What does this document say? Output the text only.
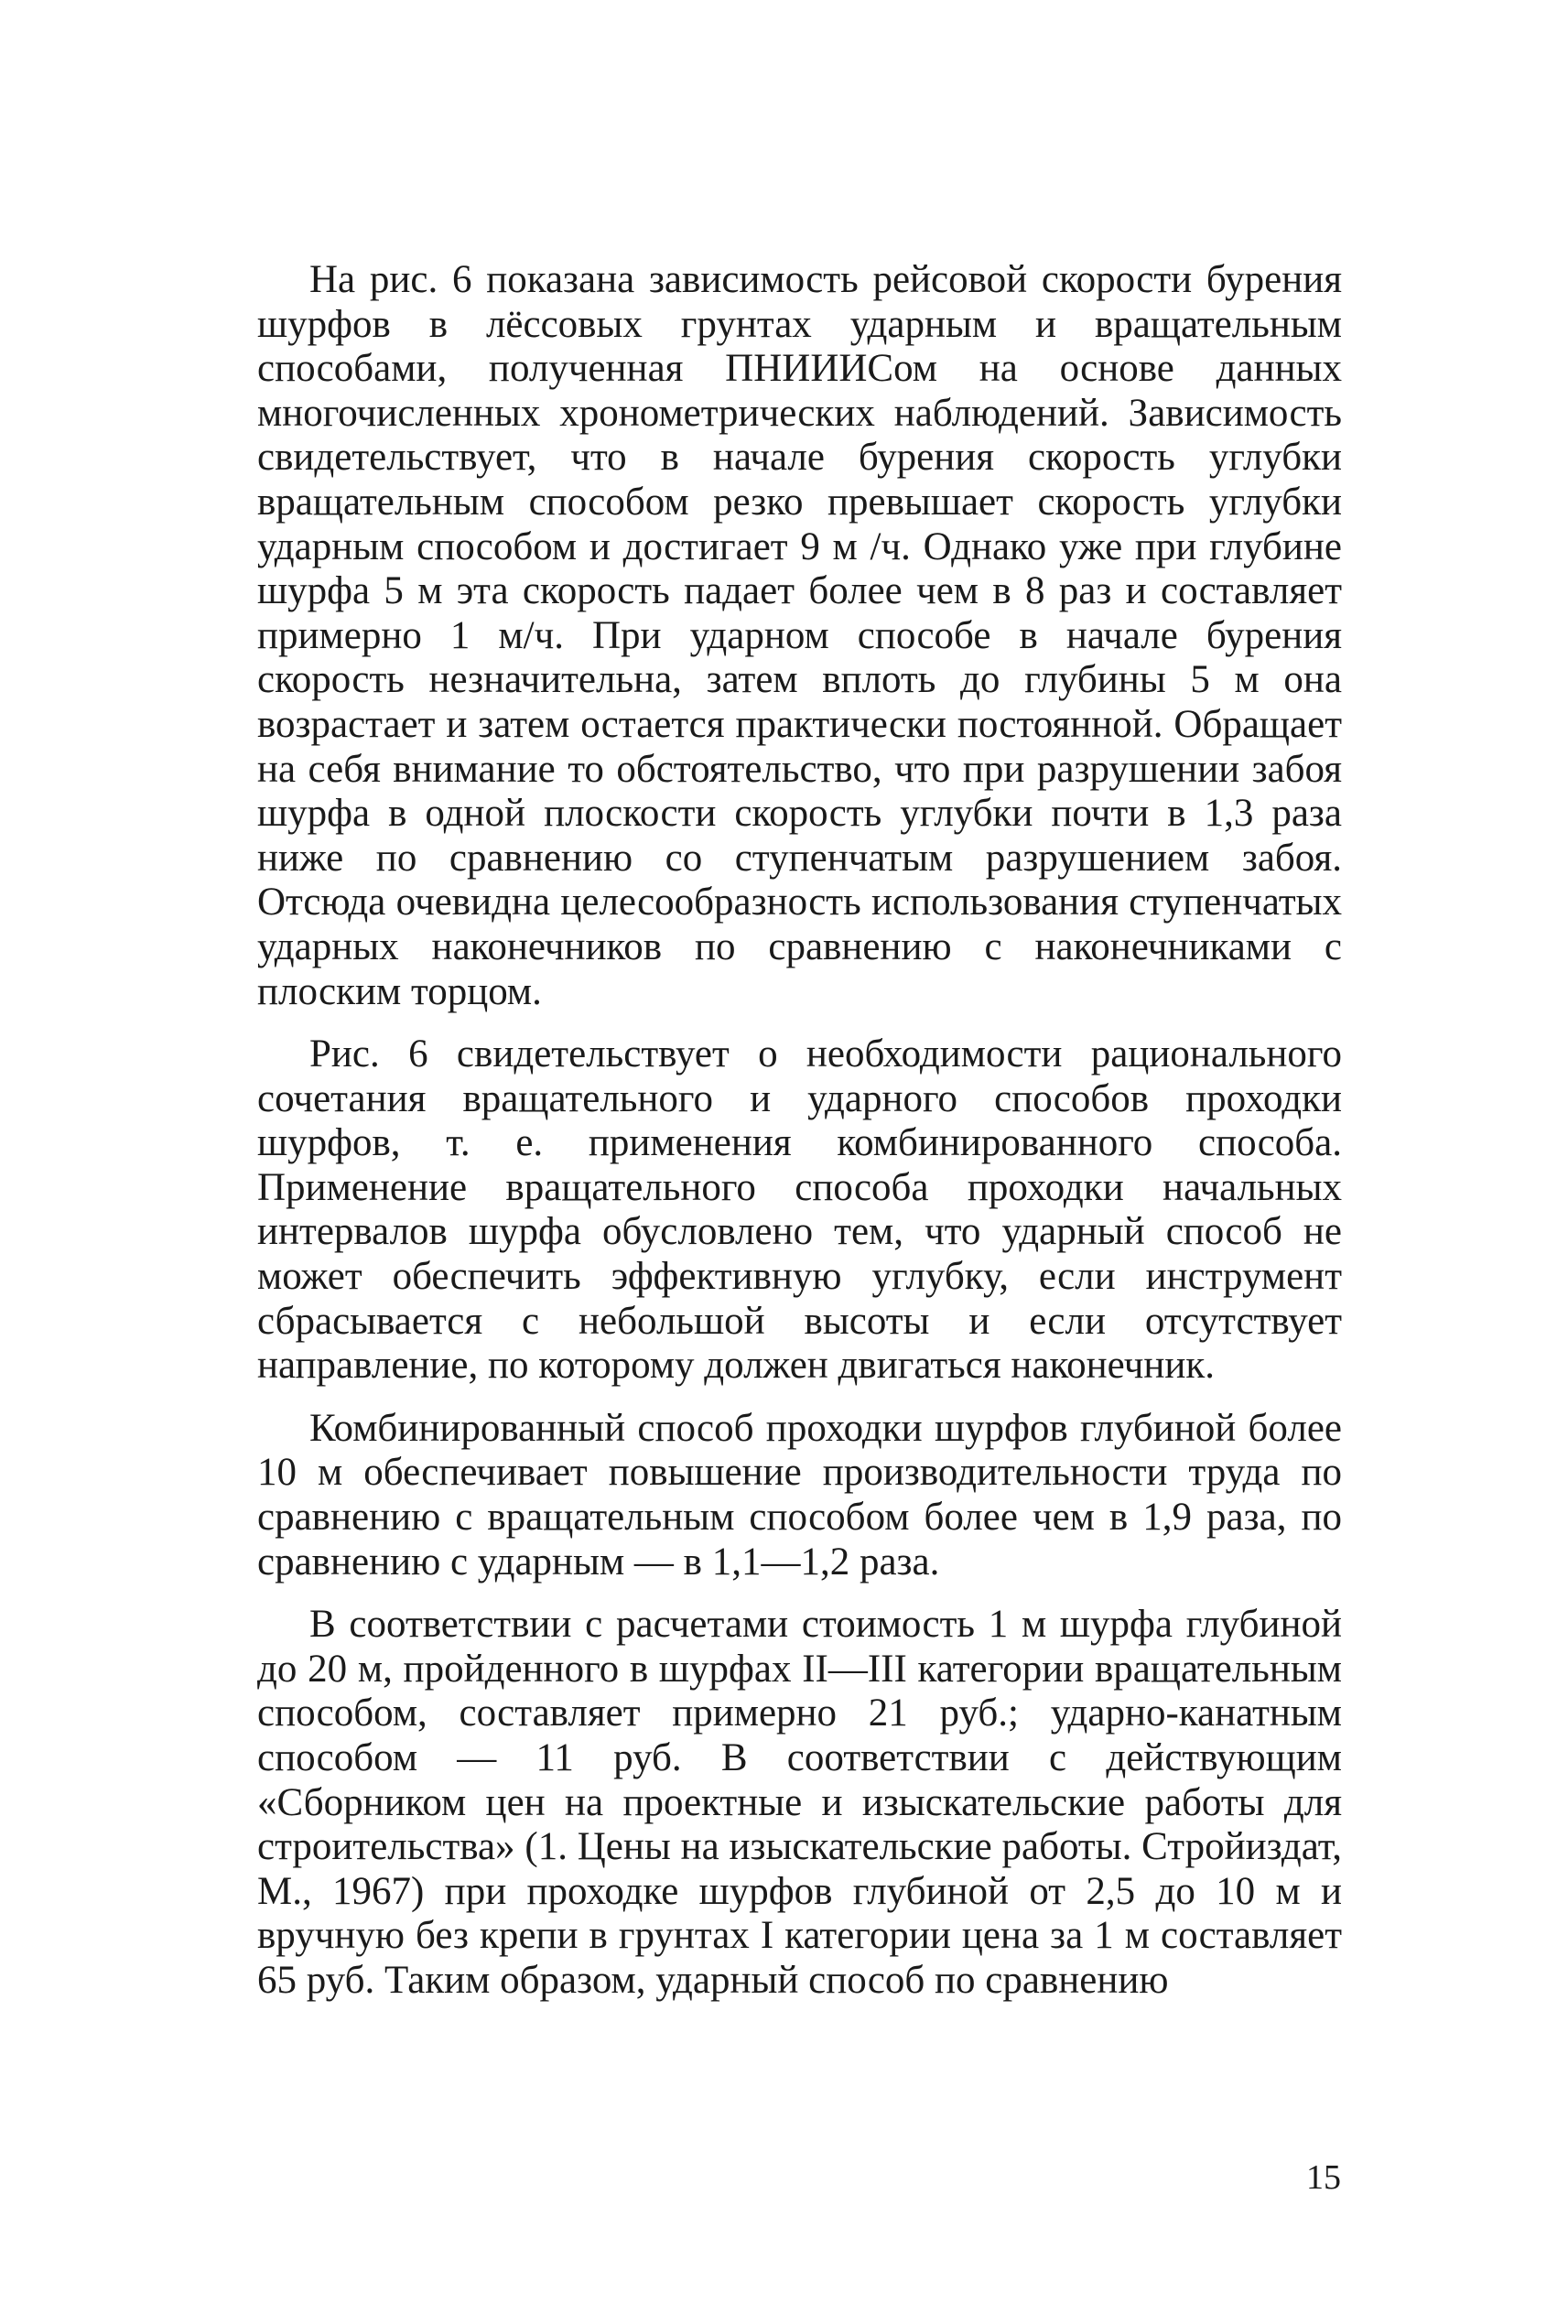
На рис. 6 показана зависимость рейсовой скорости бурения шурфов в лёссовых грунтах ударным и вращательным способами, полученная ПНИИИСом на основе данных многочисленных хронометрических наблюдений. Зависимость свидетельствует, что в начале бурения скорость углубки вращательным способом резко превышает скорость углубки ударным способом и достигает 9 м /ч. Однако уже при глубине шурфа 5 м эта скорость падает более чем в 8 раз и составляет примерно 1 м/ч. При ударном способе в начале бурения скорость незначительна, затем вплоть до глубины 5 м она возрастает и затем остается практически постоянной. Обращает на себя внимание то обстоятельство, что при разрушении забоя шурфа в одной плоскости скорость углубки почти в 1,3 раза ниже по сравнению со ступенчатым разрушением забоя. Отсюда очевидна целесообразность использования ступенчатых ударных наконечников по сравнению с наконечниками с плоским торцом.

Рис. 6 свидетельствует о необходимости рационального сочетания вращательного и ударного способов проходки шурфов, т. е. применения комбинированного способа. Применение вращательного способа проходки начальных интервалов шурфа обусловлено тем, что ударный способ не может обеспечить эффективную углубку, если инструмент сбрасывается с небольшой высоты и если отсутствует направление, по которому должен двигаться наконечник.

Комбинированный способ проходки шурфов глубиной более 10 м обеспечивает повышение производительности труда по сравнению с вращательным способом более чем в 1,9 раза, по сравнению с ударным — в 1,1—1,2 раза.

В соответствии с расчетами стоимость 1 м шурфа глубиной до 20 м, пройденного в шурфах II—III категории вращательным способом, составляет примерно 21 руб.; ударно-канатным способом — 11 руб. В соответствии с действующим «Сборником цен на проектные и изыскательские работы для строительства» (1. Цены на изыскательские работы. Стройиздат, М., 1967) при проходке шурфов глубиной от 2,5 до 10 м и вручную без крепи в грунтах I категории цена за 1 м составляет 65 руб. Таким образом, ударный способ по сравнению

15
